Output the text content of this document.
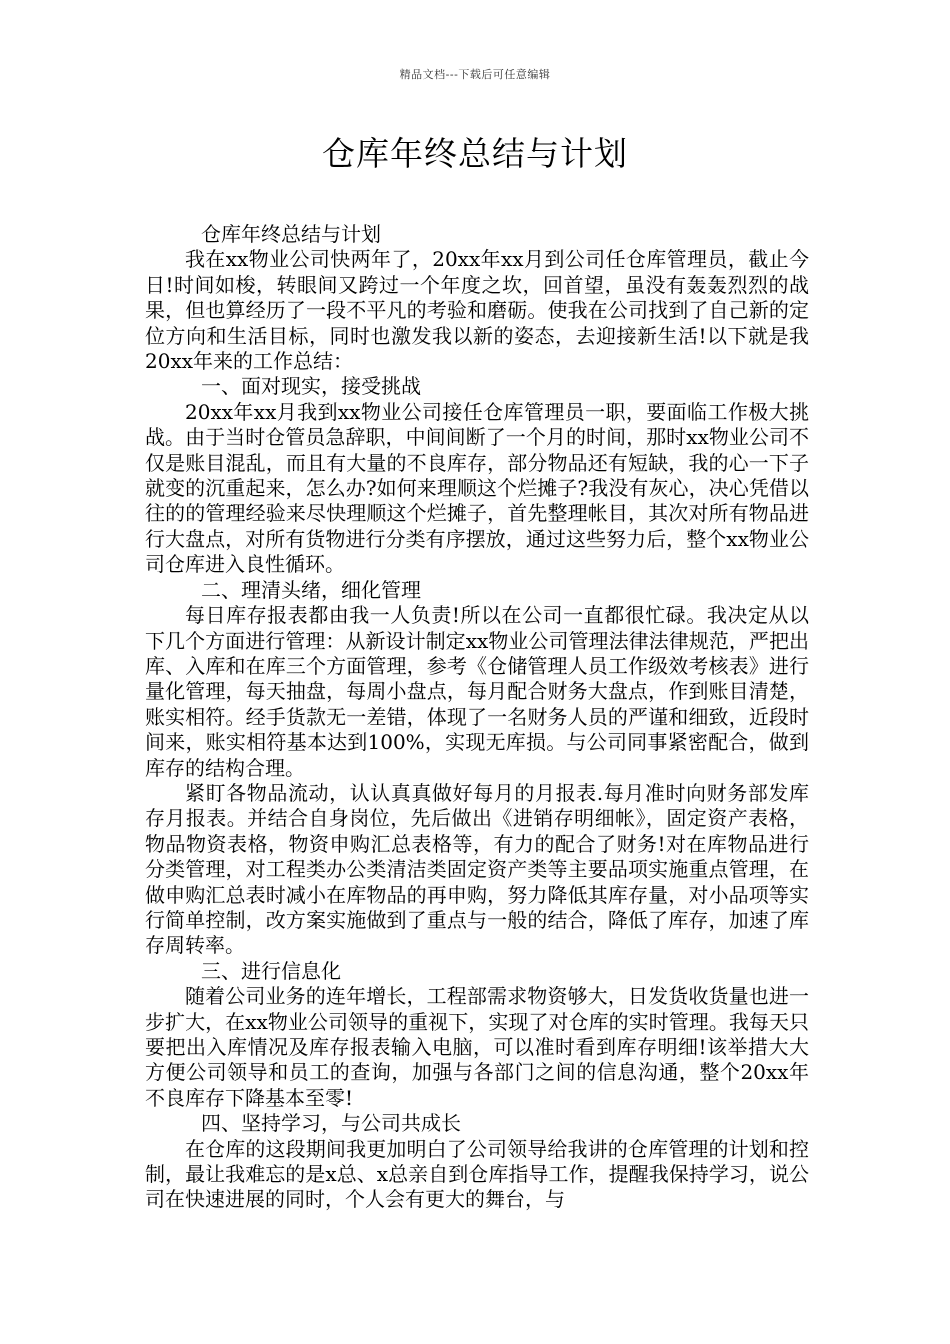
精品文档---下载后可任意编辑
仓库年终总结与计划

仓库年终总结与计划

我在xx物业公司快两年了，20xx年xx月到公司任仓库管理员，截止今日!时间如梭，转眼间又跨过一个年度之坎，回首望，虽没有轰轰烈烈的战果，但也算经历了一段不平凡的考验和磨砺。使我在公司找到了自己新的定位方向和生活目标，同时也激发我以新的姿态，去迎接新生活!以下就是我20xx年来的工作总结：

一、面对现实，接受挑战

20xx年xx月我到xx物业公司接任仓库管理员一职，要面临工作极大挑战。由于当时仓管员急辞职，中间间断了一个月的时间，那时xx物业公司不仅是账目混乱，而且有大量的不良库存，部分物品还有短缺，我的心一下子就变的沉重起来，怎么办?如何来理顺这个烂摊子?我没有灰心，决心凭借以往的的管理经验来尽快理顺这个烂摊子，首先整理帐目，其次对所有物品进行大盘点，对所有货物进行分类有序摆放，通过这些努力后，整个xx物业公司仓库进入良性循环。

二、理清头绪，细化管理

每日库存报表都由我一人负责!所以在公司一直都很忙碌。我决定从以下几个方面进行管理：从新设计制定xx物业公司管理法律法律规范，严把出库、入库和在库三个方面管理，参考《仓储管理人员工作级效考核表》进行量化管理，每天抽盘，每周小盘点，每月配合财务大盘点，作到账目清楚，账实相符。经手货款无一差错，体现了一名财务人员的严谨和细致，近段时间来，账实相符基本达到100%，实现无库损。与公司同事紧密配合，做到库存的结构合理。

紧盯各物品流动，认认真真做好每月的月报表.每月准时向财务部发库存月报表。并结合自身岗位，先后做出《进销存明细帐》，固定资产表格，物品物资表格，物资申购汇总表格等，有力的配合了财务!对在库物品进行分类管理，对工程类办公类清洁类固定资产类等主要品项实施重点管理，在做申购汇总表时减小在库物品的再申购，努力降低其库存量，对小品项等实行简单控制，改方案实施做到了重点与一般的结合，降低了库存，加速了库存周转率。

三、进行信息化

随着公司业务的连年增长，工程部需求物资够大，日发货收货量也进一步扩大，在xx物业公司领导的重视下，实现了对仓库的实时管理。我每天只要把出入库情况及库存报表输入电脑，可以准时看到库存明细!该举措大大方便公司领导和员工的查询，加强与各部门之间的信息沟通，整个20xx年不良库存下降基本至零!

四、坚持学习，与公司共成长

在仓库的这段期间我更加明白了公司领导给我讲的仓库管理的计划和控制，最让我难忘的是x总、x总亲自到仓库指导工作，提醒我保持学习，说公司在快速进展的同时，个人会有更大的舞台，与
